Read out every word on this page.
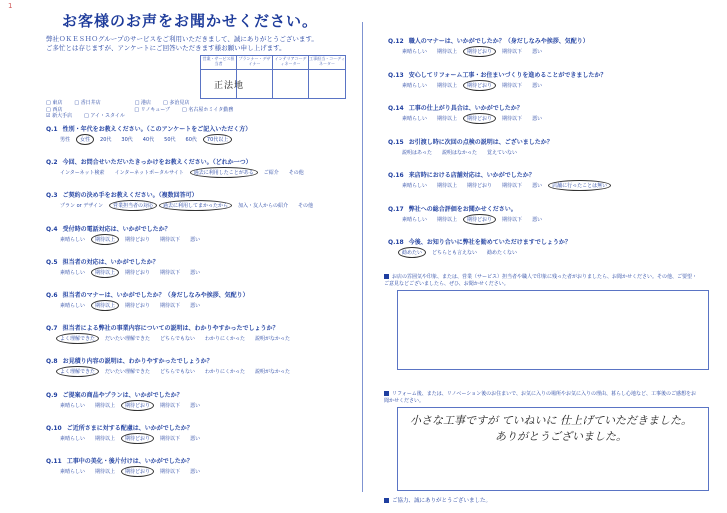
1
お客様のお声をお聞かせください。
弊社ＯＫＥＳＨＯグループのサービスをご利用いただきまして、誠にありがとうございます。
ご多忙とは存じますが、アンケートにご回答いただきます様お願い申し上げます。
営業・サービス担当者
プランナー・デザイナー
インテリアコーディネーター
工事担当・コーディネーター
正法地
□ 東店 □ 香日井店	□ 港店 □ 多治見店
□ 西店	□ リノキューブ □ 名古屋ホミイタ勤務
☑ 新大手店 □ アイ・スタイル
Q.1 性別・年代をお教えください。（このアンケートをご記入いただく方）
男性 女性 20代 30代 40代 50代 60代 70代以上
Q.2 今回、お問合せいただいたきっかけをお教えください。（どれか一つ）
インターネット検索 インターネットポータルサイト 過去に利用したことがある ご紹介 その他
Q.3 ご契約の決め手をお教えください。（複数回答可）
プラン or デザイン 営業担当者の対応 過去に利用してまかったから 加入・友人からの紹介 その他
Q.4 受付時の電話対応は、いかがでしたか？
素晴らしい 期待以上 期待どおり 期待以下 悪い
Q.5 担当者の対応は、いかがでしたか？
素晴らしい 期待以上 期待どおり 期待以下 悪い
Q.6 担当者のマナーは、いかがでしたか？（身だしなみや挨拶、気配り）
素晴らしい 期待以上 期待どおり 期待以下 悪い
Q.7 担当者による弊社の事業内容についての説明は、わかりやすかったでしょうか？
よく理解できた だいたい理解できた どちらでもない わかりにくかった 説明がなかった
Q.8 お見積り内容の説明は、わかりやすかったでしょうか？
よく理解できた だいたい理解できた どちらでもない わかりにくかった 説明がなかった
Q.9 ご提案の商品やプランは、いかがでしたか？
素晴らしい 期待以上 期待どおり 期待以下 悪い
Q.10 ご近所さまに対する配慮は、いかがでしたか？
素晴らしい 期待以上 期待どおり 期待以下 悪い
Q.11 工事中の美化・後片付けは、いかがでしたか？
素晴らしい 期待以上 期待どおり 期待以下 悪い
Q.12 職人のマナーは、いかがでしたか？（身だしなみや挨拶、気配り）
素晴らしい 期待以上 期待どおり 期待以下 悪い
Q.13 安心してリフォーム工事・お住まいづくりを進めることができましたか？
素晴らしい 期待以上 期待どおり 期待以下 悪い
Q.14 工事の仕上がり具合は、いかがでしたか？
素晴らしい 期待以上 期待どおり 期待以下 悪い
Q.15 お引渡し時に次回の点検の説明は、ございましたか？
説明はあった 説明はなかった 覚えていない
Q.16 来店時における店舗対応は、いかがでしたか？
素晴らしい 期待以上 期待どおり 期待以下 悪い 店舗に行ったことは無い
Q.17 弊社への総合評価をお聞かせください。
素晴らしい 期待以上 期待どおり 期待以下 悪い
Q.18 今後、お知り合いに弊社を勧めていただけますでしょうか？
勧めたい どちらとも言えない 勧めたくない
お店の雰囲気や印象、または、営業（サービス）担当者や職人で印象に残った者がおりましたら、お聞かせください。その他、ご要望・ご意見などございましたら、ぜひ、お聞かせください。
リフォーム後、または、リノベーション後のお住まいで、お気に入りの場所やお気に入りの理由、暮らし心地など、工事後のご感想をお聞かせください。
小さな工事ですが ていねいに 仕上げていただきました。
ありがとうございました。
ご協力、誠にありがとうございました。
